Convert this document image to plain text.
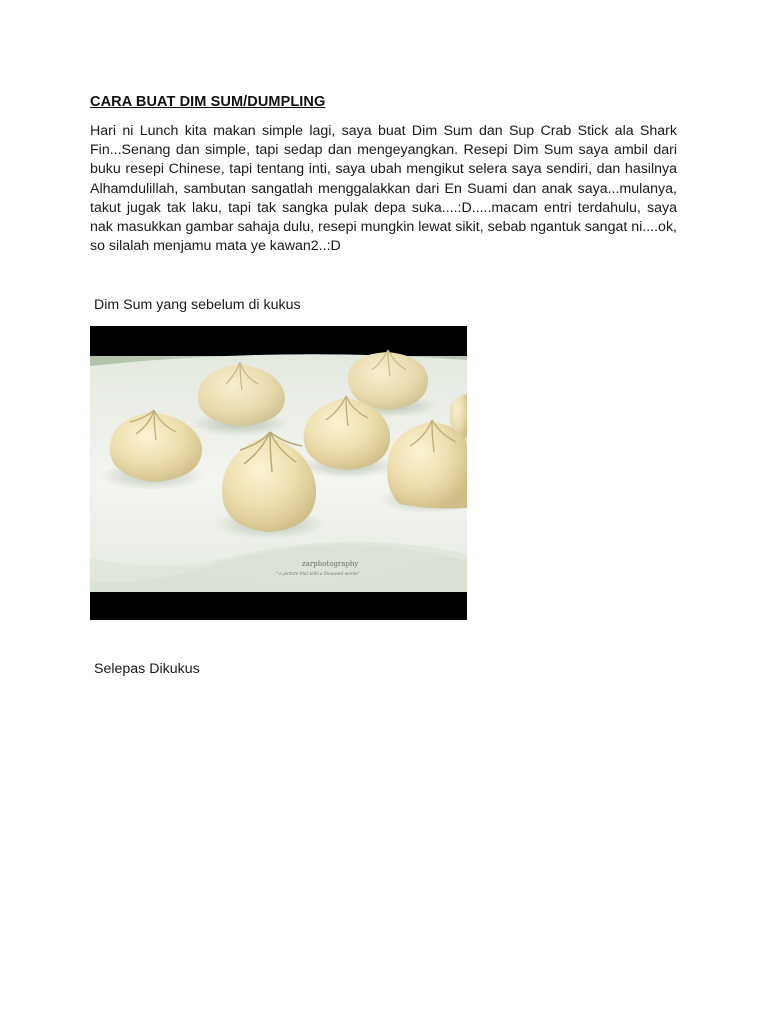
CARA BUAT DIM SUM/DUMPLING

Hari ni Lunch kita makan simple lagi, saya buat Dim Sum dan Sup Crab Stick ala Shark Fin...Senang dan simple, tapi sedap dan mengeyangkan. Resepi Dim Sum saya ambil dari buku resepi Chinese, tapi tentang inti, saya ubah mengikut selera saya sendiri, dan hasilnya Alhamdulillah, sambutan sangatlah menggalakkan dari En Suami dan anak saya...mulanya, takut jugak tak laku, tapi tak sangka pulak depa suka....:D.....macam entri terdahulu, saya nak masukkan gambar sahaja dulu, resepi mungkin lewat sikit, sebab ngantuk sangat ni....ok, so silalah menjamu mata ye kawan2..:D

Dim Sum yang sebelum di kukus

zarphotography
" a picture that tells a thousand words"

Selepas Dikukus
